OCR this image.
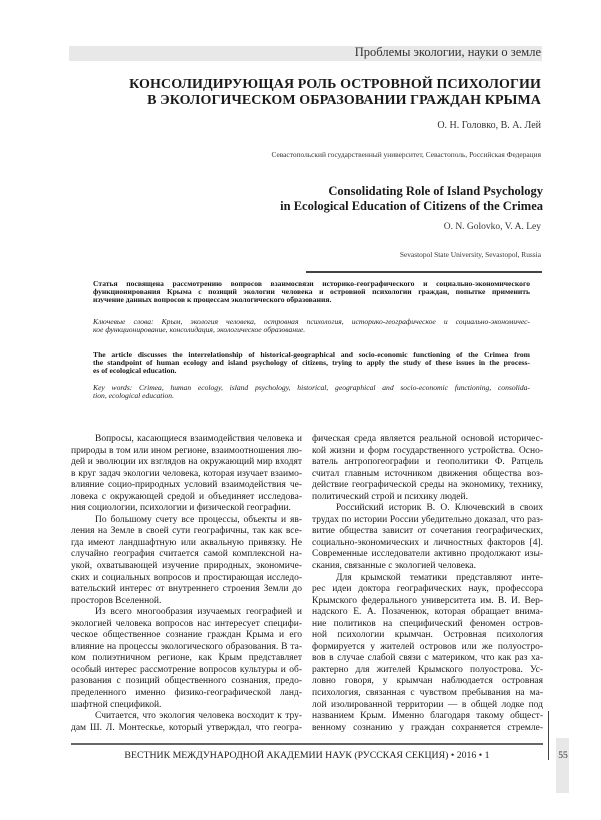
Проблемы экологии, науки о земле
КОНСОЛИДИРУЮЩАЯ РОЛЬ ОСТРОВНОЙ ПСИХОЛОГИИ
В ЭКОЛОГИЧЕСКОМ ОБРАЗОВАНИИ ГРАЖДАН КРЫМА
О. Н. Головко, В. А. Лей
Севастопольский государственный университет, Севастополь, Российская Федерация
Consolidating Role of Island Psychology
in Ecological Education of Citizens of the Crimea
O. N. Golovko, V. A. Ley
Sevastopol State University, Sevastopol, Russia
Статья посвящена рассмотрению вопросов взаимосвязи историко-географического и социально-экономического
функционирования Крыма с позиций экологии человека и островной психологии граждан, попытке применить
изучение данных вопросов к процессам экологического образования.
Ключевые слова: Крым, экология человека, островная психология, историко-географическое и социально-экономичес-
кое функционирование, консолидация, экологическое образование.
The article discusses the interrelationship of historical-geographical and socio-economic functioning of the Crimea from
the standpoint of human ecology and island psychology of citizens, trying to apply the study of these issues in the process-
es of ecological education.
Key words: Crimea, human ecology, island psychology, historical, geographical and socio-economic functioning, consolida-
tion, ecological education.
Вопросы, касающиеся взаимодействия человека и
природы в том или ином регионе, взаимоотношения лю-
дей и эволюции их взглядов на окружающий мир входят
в круг задач экологии человека, которая изучает взаимо-
влияние социо-природных условий взаимодействия че-
ловека с окружающей средой и объединяет исследова-
ния социологии, психологии и физической географии.
По большому счету все процессы, объекты и яв-
ления на Земле в своей сути географичны, так как все-
гда имеют ландшафтную или аквальную привязку. Не
случайно география считается самой комплексной на-
укой, охватывающей изучение природных, экономиче-
ских и социальных вопросов и простирающая исследо-
вательский интерес от внутреннего строения Земли до
просторов Вселенной.
Из всего многообразия изучаемых географией и
экологией человека вопросов нас интересует специфи-
ческое общественное сознание граждан Крыма и его
влияние на процессы экологического образования. В та-
ком полиэтничном регионе, как Крым представляет
особый интерес рассмотрение вопросов культуры и об-
разования с позиций общественного сознания, предо-
пределенного именно физико-географической ланд-
шафтной спецификой.
Считается, что экология человека восходит к тру-
дам Ш. Л. Монтескье, который утверждал, что геогра-
фическая среда является реальной основой историчес-
кой жизни и форм государственного устройства. Осно-
ватель антропогеографии и геополитики Ф. Ратцель
считал главным источником движения общества воз-
действие географической среды на экономику, технику,
политический строй и психику людей.
Российский историк В. О. Ключевский в своих
трудах по истории России убедительно доказал, что раз-
витие общества зависит от сочетания географических,
социально-экономических и личностных факторов [4].
Современные исследователи активно продолжают изы-
скания, связанные с экологией человека.
Для крымской тематики представляют инте-
рес идеи доктора географических наук, профессора
Крымского федерального университета им. В. И. Вер-
надского Е. А. Позаченюк, которая обращает внима-
ние политиков на специфический феномен остров-
ной психологии крымчан. Островная психология
формируется у жителей островов или же полуостро-
вов в случае слабой связи с материком, что как раз ха-
рактерно для жителей Крымского полуострова. Ус-
ловно говоря, у крымчан наблюдается островная
психология, связанная с чувством пребывания на ма-
лой изолированной территории — в общей лодке под
названием Крым. Именно благодаря такому общест-
венному сознанию у граждан сохраняется стремле-
ВЕСТНИК МЕЖДУНАРОДНОЙ АКАДЕМИИ НАУК (РУССКАЯ СЕКЦИЯ) • 2016 • 1	55
